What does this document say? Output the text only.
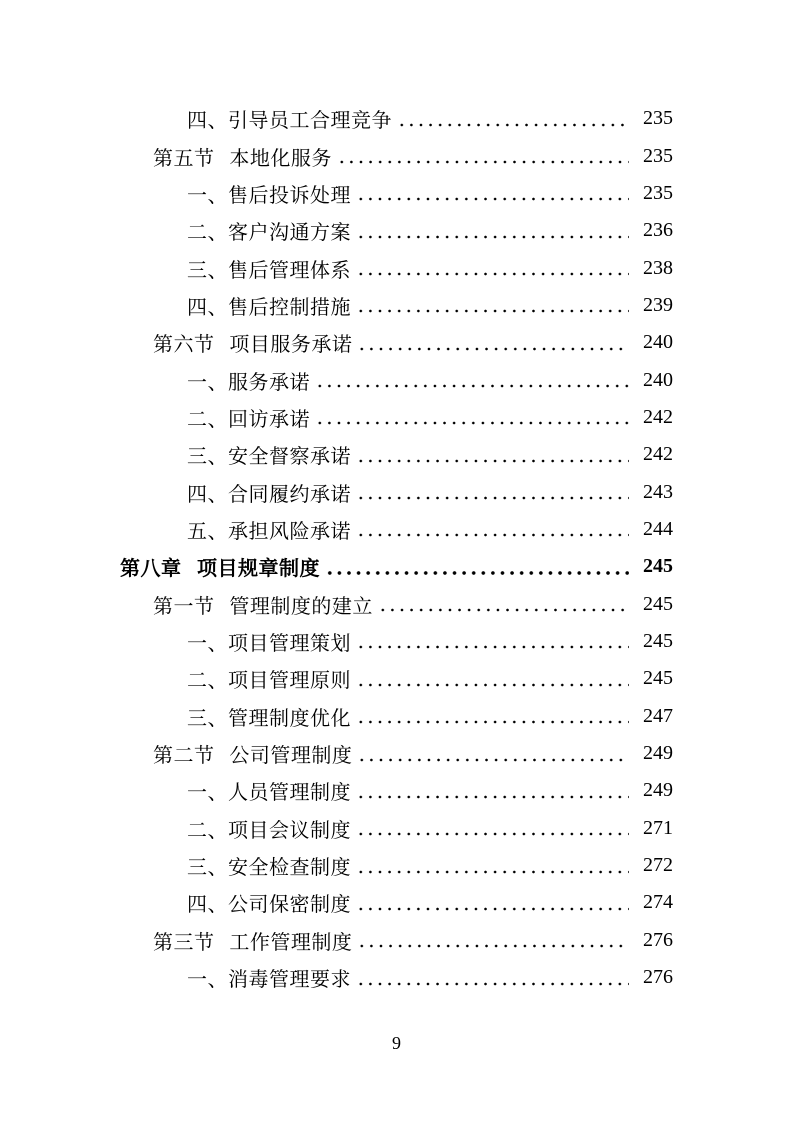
四、引导员工合理竞争	235
第五节 本地化服务	235
一、售后投诉处理	235
二、客户沟通方案	236
三、售后管理体系	238
四、售后控制措施	239
第六节 项目服务承诺	240
一、服务承诺	240
二、回访承诺	242
三、安全督察承诺	242
四、合同履约承诺	243
五、承担风险承诺	244
第八章 项目规章制度	245
第一节 管理制度的建立	245
一、项目管理策划	245
二、项目管理原则	245
三、管理制度优化	247
第二节 公司管理制度	249
一、人员管理制度	249
二、项目会议制度	271
三、安全检查制度	272
四、公司保密制度	274
第三节 工作管理制度	276
一、消毒管理要求	276
9
